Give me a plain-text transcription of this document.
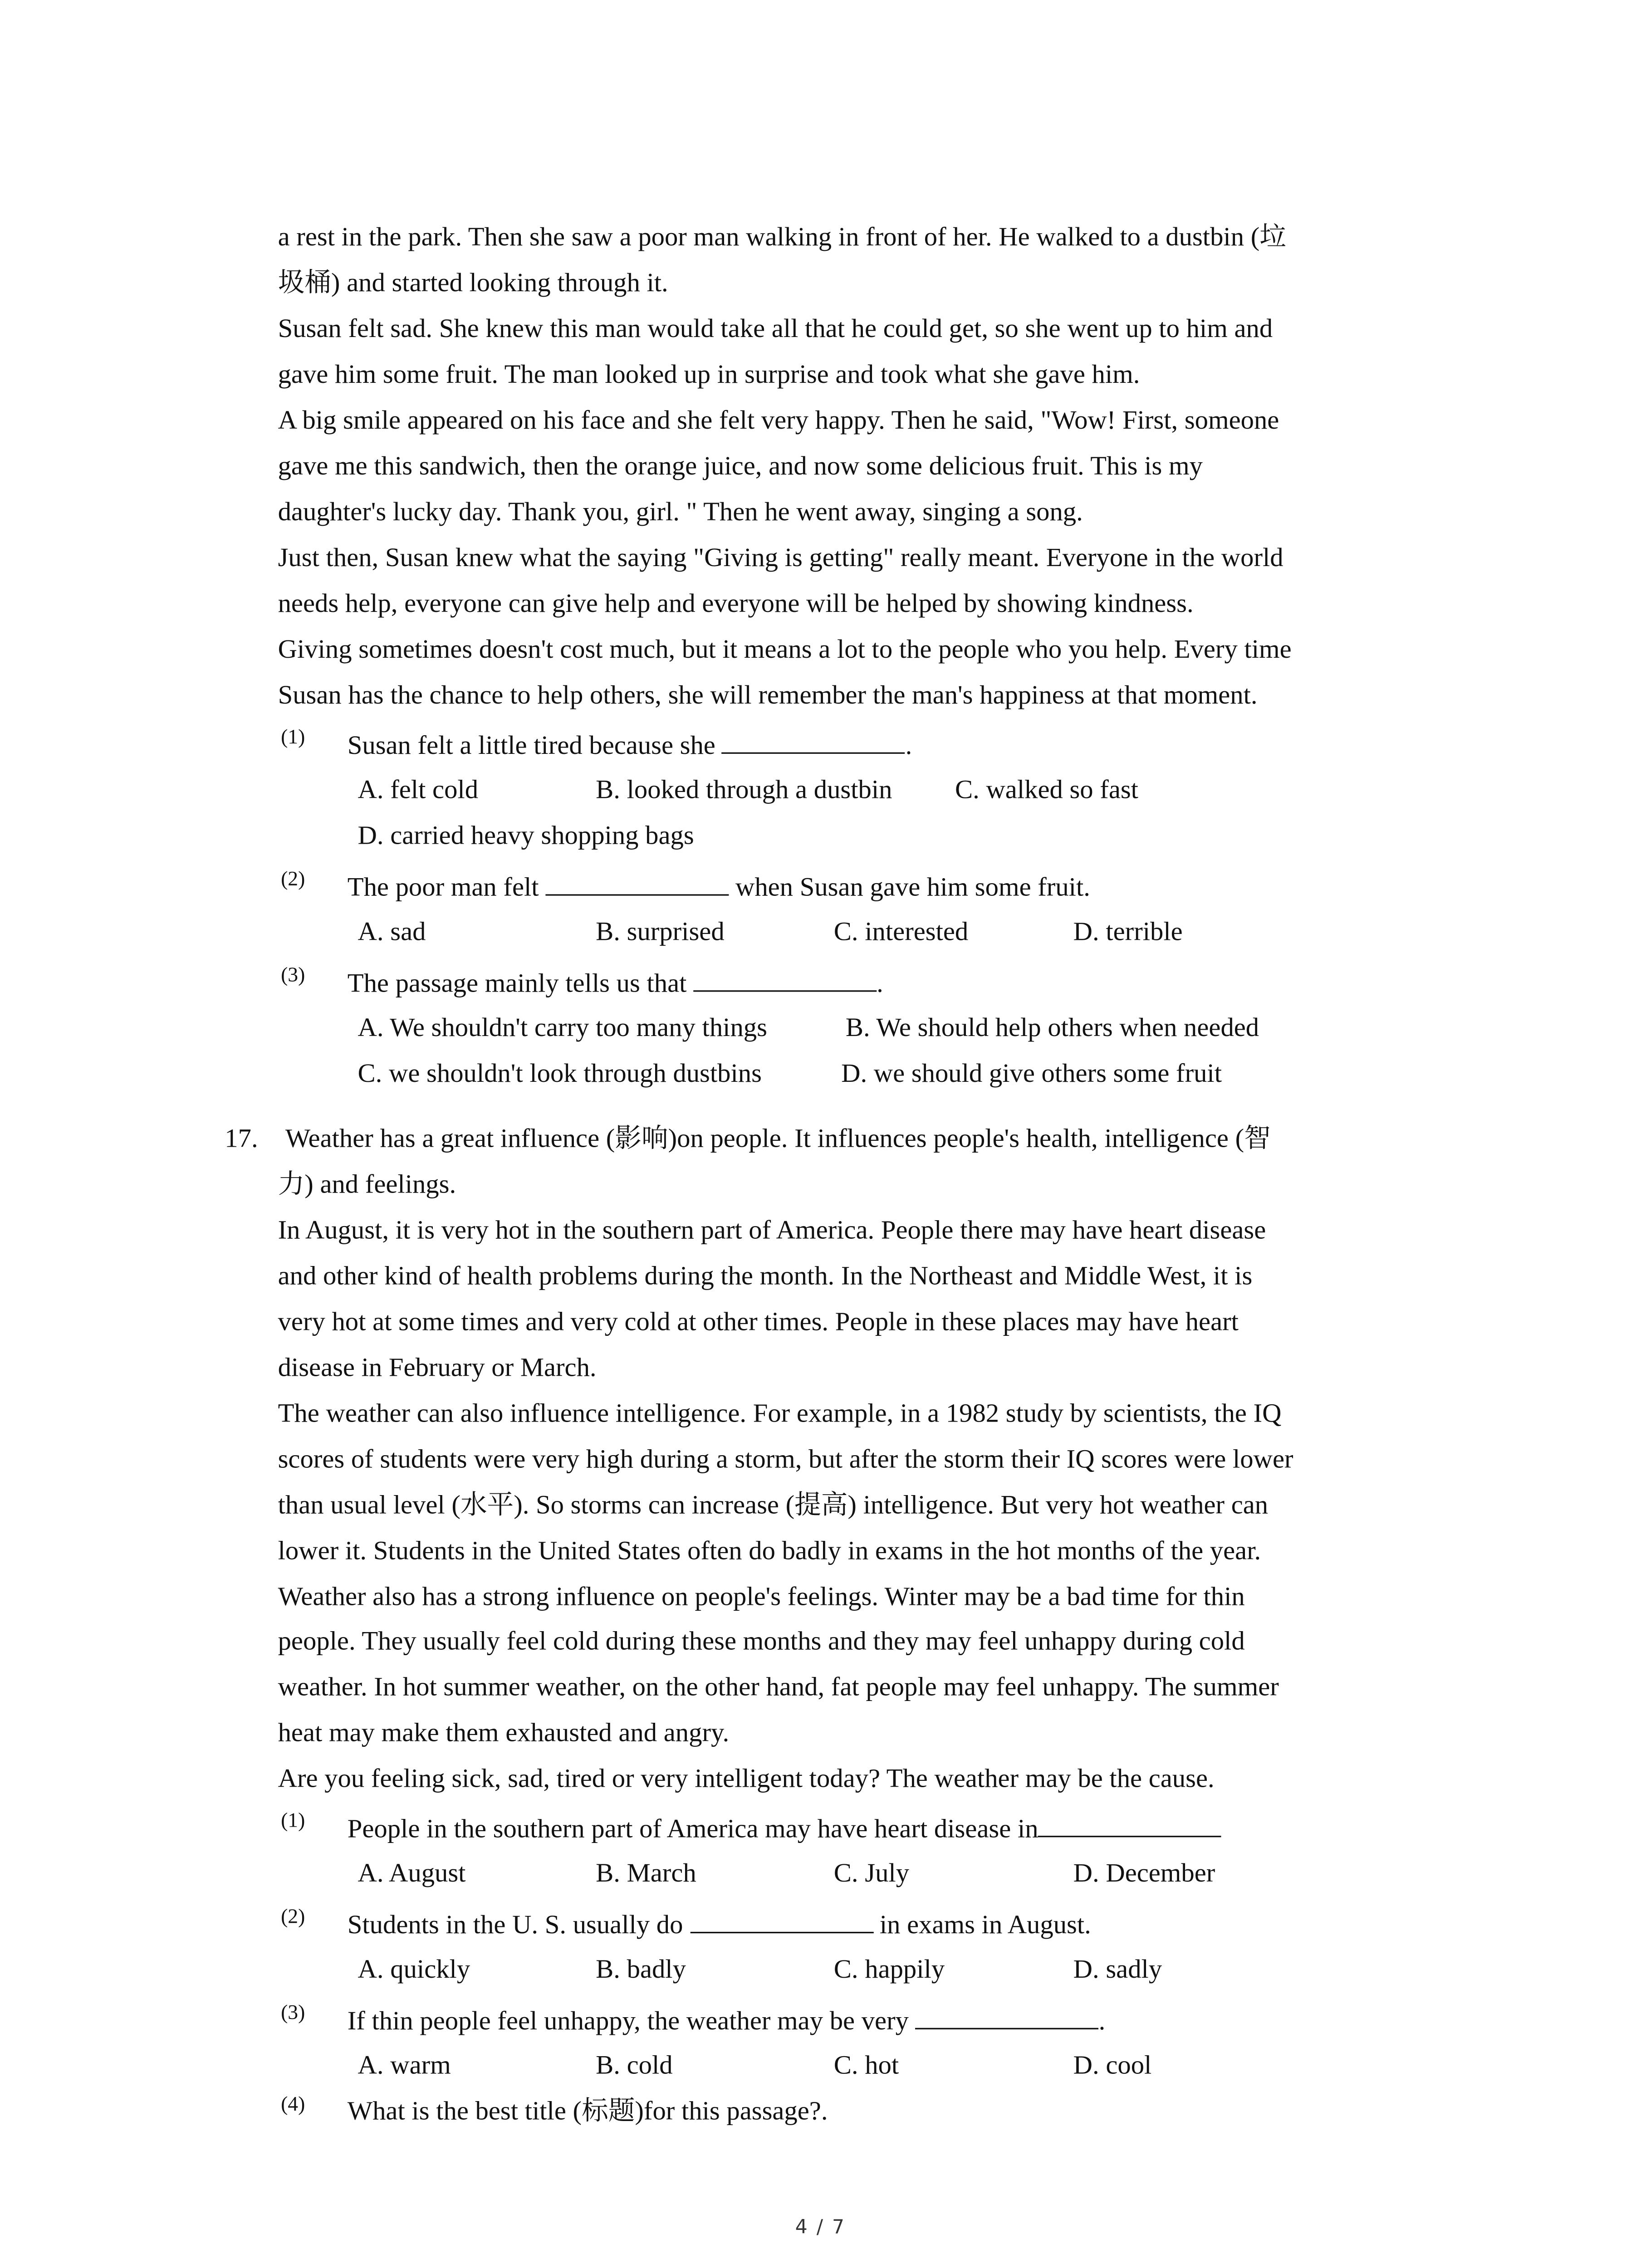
a rest in the park. Then she saw a poor man walking in front of her. He walked to a dustbin (垃
圾桶) and started looking through it.
Susan felt sad. She knew this man would take all that he could get, so she went up to him and
gave him some fruit. The man looked up in surprise and took what she gave him.
A big smile appeared on his face and she felt very happy. Then he said, "Wow! First, someone
gave me this sandwich, then the orange juice, and now some delicious fruit. This is my
daughter's lucky day. Thank you, girl. " Then he went away, singing a song.
Just then, Susan knew what the saying "Giving is getting" really meant. Everyone in the world
needs help, everyone can give help and everyone will be helped by showing kindness.
Giving sometimes doesn't cost much, but it means a lot to the people who you help. Every time
Susan has the chance to help others, she will remember the man's happiness at that moment.
(1)	Susan felt a little tired because she	.
A. felt cold	B. looked through a dustbin	C. walked so fast
D. carried heavy shopping bags
(2)	The poor man felt	when Susan gave him some fruit.
A. sad	B. surprised	C. interested	D. terrible
(3)	The passage mainly tells us that	.
A. We shouldn't carry too many things	B. We should help others when needed
C. we shouldn't look through dustbins	D. we should give others some fruit
17.	Weather has a great influence (影响)on people. It influences people's health, intelligence (智
力) and feelings.
In August, it is very hot in the southern part of America. People there may have heart disease
and other kind of health problems during the month. In the Northeast and Middle West, it is
very hot at some times and very cold at other times. People in these places may have heart
disease in February or March.
The weather can also influence intelligence. For example, in a 1982 study by scientists, the IQ
scores of students were very high during a storm, but after the storm their IQ scores were lower
than usual level (水平). So storms can increase (提高) intelligence. But very hot weather can
lower it. Students in the United States often do badly in exams in the hot months of the year.
Weather also has a strong influence on people's feelings. Winter may be a bad time for thin
people. They usually feel cold during these months and they may feel unhappy during cold
weather. In hot summer weather, on the other hand, fat people may feel unhappy. The summer
heat may make them exhausted and angry.
Are you feeling sick, sad, tired or very intelligent today? The weather may be the cause.
(1)	People in the southern part of America may have heart disease in
A. August	B. March	C. July	D. December
(2)	Students in the U. S. usually do	in exams in August.
A. quickly	B. badly	C. happily	D. sadly
(3)	If thin people feel unhappy, the weather may be very	.
A. warm	B. cold	C. hot	D. cool
(4)	What is the best title (标题)for this passage?.
4 / 7
